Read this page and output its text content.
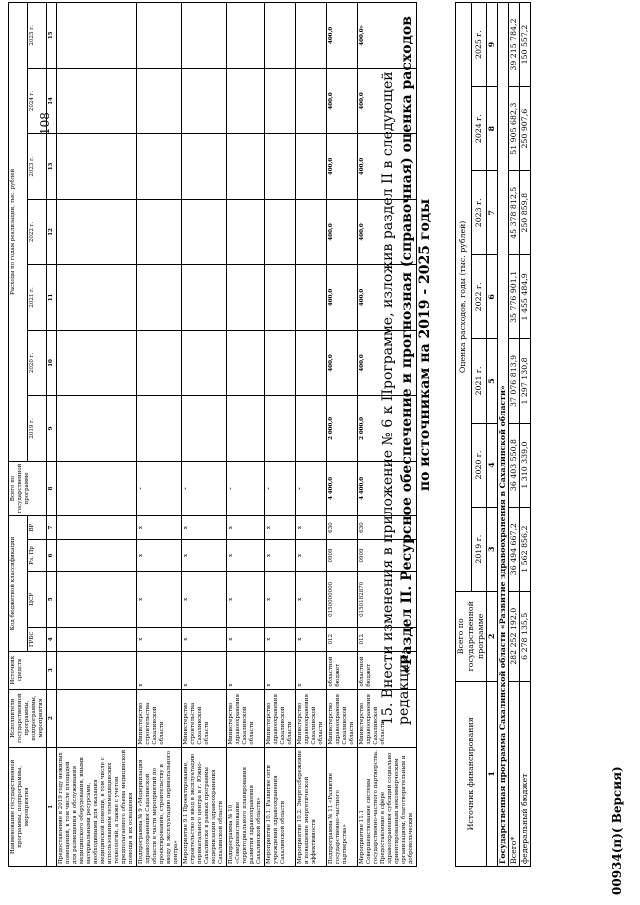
108
Наименование государственной программы, подпрограммы, мероприятия	Исполнители государственной программы, подпрограммы, мероприятия	Источник средств	Код бюджетной классификации				Всего по государственной программе	Расходы по годам реализации, тыс. рублей						
			ГРБС	ЦСР	Рз, Пр	ВР		2019 г.	2020 г.	2021 г.	2022 г.	2023 г.	2024 г.	2025 г.
1	2	3	4	5	6	7	8	9	10	11	12	13	14	15
Предоставление в 2019 году нежилых помещений, в том числе площадей для размещения и обслуживания медицинского оборудования, иными материальными ресурсами, необходимыми для оказания медицинской помощи, в том числе с использованием телемедицинских технологий, а также с учетом предполагаемого объема медицинской помощи и их оснащения														
Подпрограмма № 9 «Модернизация здравоохранения Сахалинской области в части мероприятий по проектированию, строительству и вводу в эксплуатацию перинатального центра»	Министерство строительства Сахалинской области	х	х	х	х	х	-							
Мероприятие 9.1 Проектирование, строительство и ввод в эксплуатацию перинатального центра в г. Южно-Сахалинске в рамках программы модернизации здравоохранения Сахалинской области	Министерство строительства Сахалинской области	х	х	х	х	х	-							
Подпрограмма № 10 «Совершенствование территориального планирования развития здравоохранения Сахалинской области»	Министерство здравоохранения Сахалинской области	х	х	х	х	х	-							
Мероприятие 10.1. Развитие сети учреждений здравоохранения Сахалинской области	Министерство здравоохранения Сахалинской области	х	х	х	х	х	-							
Мероприятие 10.2. Энергосбережение и повышение энергетической эффективности	Министерство здравоохранения Сахалинской области	х	х	х	х	х	-							
Подпрограмма № 11 «Развитие государственно-частного партнерства»	Министерство здравоохранения Сахалинской области	областной бюджет	012	0150000000	0909	630	4 400,0	2 000,0	400,0	400,0	400,0	400,0	400,0	400,0
Мероприятие 11.1 Совершенствование системы государственно-частного партнерства. Предоставление в сфере здравоохранения субсидий социально ориентированным некоммерческим организациям, благотворительным и добровольческим	Министерство здравоохранения Сахалинской области	областной бюджет	012	0150182870	0909	630	4 400,0	2 000,0	400,0	400,0	400,0	400,0	400,0	400,0»
15. Внести изменения в приложение № 6 к Программе, изложив раздел II в следующей редакции:
«Раздел II. Ресурсное обеспечение и прогнозная (справочная) оценка расходов по источникам на 2019 - 2025 годы
Источник финансирования	Всего по государственной программе	Оценка расходов, годы (тыс. рублей)						
		2019 г.	2020 г.	2021 г.	2022 г.	2023 г.	2024 г.	2025 г.
1	2	3	4	5	6	7	8	9
Государственная программа Сахалинской области «Развитие здравоохранения в Сахалинской области»								
Всего*	282 252 192,0	36 494 667,2	36 403 550,8	37 076 813,9	35 776 901,1	45 378 812,5	51 905 682,3	39 215 784,2
федеральный бюджет	6 278 135,5	1 562 856,2	1 310 339,0	1 297 130,8	1 455 484,9	250 859,8	250 907,6	150 557,2
00934(п)( Версия)
